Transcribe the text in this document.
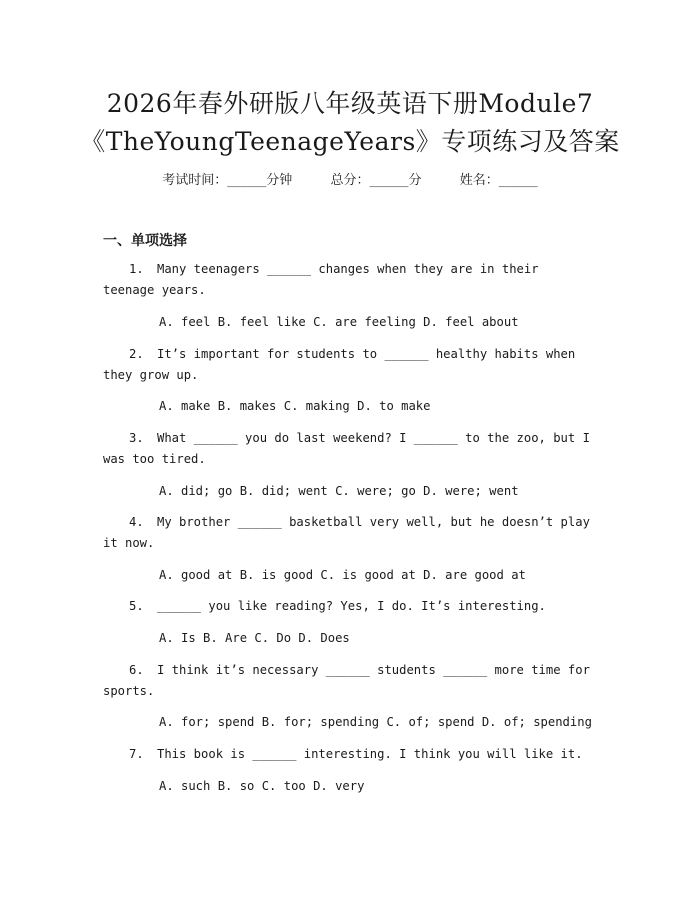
2026年春外研版八年级英语下册Module7
《TheYoungTeenageYears》专项练习及答案
考试时间：______分钟	总分：______分	姓名：______
一、单项选择
1. Many teenagers ______ changes when they are in their teenage years.
A. feel B. feel like C. are feeling D. feel about
2. It’s important for students to ______ healthy habits when they grow up.
A. make B. makes C. making D. to make
3. What ______ you do last weekend? I ______ to the zoo, but I was too tired.
A. did; go B. did; went C. were; go D. were; went
4. My brother ______ basketball very well, but he doesn’t play it now.
A. good at B. is good C. is good at D. are good at
5. ______ you like reading? Yes, I do. It’s interesting.
A. Is B. Are C. Do D. Does
6. I think it’s necessary ______ students ______ more time for sports.
A. for; spend B. for; spending C. of; spend D. of; spending
7. This book is ______ interesting. I think you will like it.
A. such B. so C. too D. very
